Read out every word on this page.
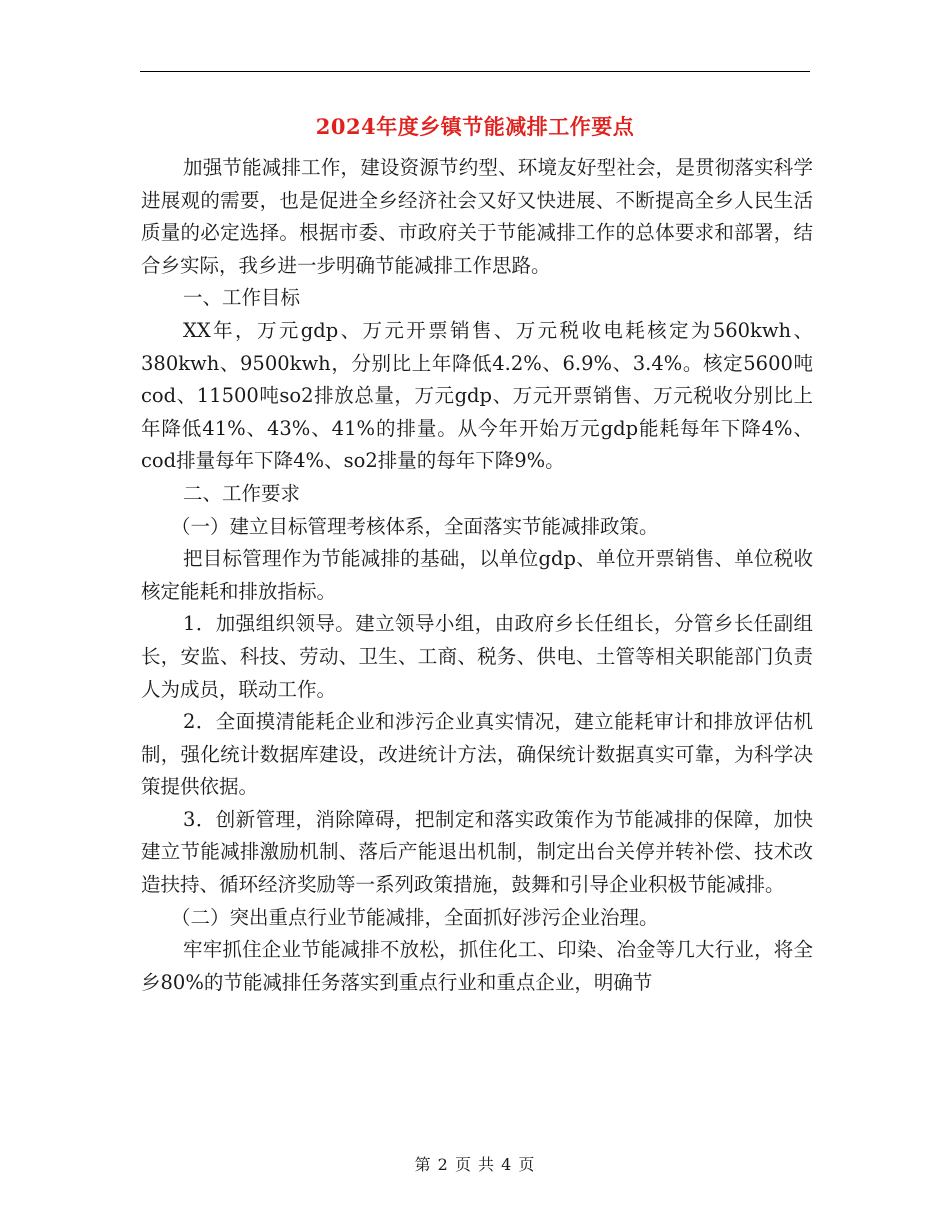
2024年度乡镇节能减排工作要点

加强节能减排工作，建设资源节约型、环境友好型社会，是贯彻落实科学进展观的需要，也是促进全乡经济社会又好又快进展、不断提高全乡人民生活质量的必定选择。根据市委、市政府关于节能减排工作的总体要求和部署，结合乡实际，我乡进一步明确节能减排工作思路。

一、工作目标

XX年，万元gdp、万元开票销售、万元税收电耗核定为560kwh、380kwh、9500kwh，分别比上年降低4.2%、6.9%、3.4%。核定5600吨cod、11500吨so2排放总量，万元gdp、万元开票销售、万元税收分别比上年降低41%、43%、41%的排量。从今年开始万元gdp能耗每年下降4%、cod排量每年下降4%、so2排量的每年下降9%。

二、工作要求

（一）建立目标管理考核体系，全面落实节能减排政策。

把目标管理作为节能减排的基础，以单位gdp、单位开票销售、单位税收核定能耗和排放指标。

1．加强组织领导。建立领导小组，由政府乡长任组长，分管乡长任副组长，安监、科技、劳动、卫生、工商、税务、供电、土管等相关职能部门负责人为成员，联动工作。

2．全面摸清能耗企业和涉污企业真实情况，建立能耗审计和排放评估机制，强化统计数据库建设，改进统计方法，确保统计数据真实可靠，为科学决策提供依据。

3．创新管理，消除障碍，把制定和落实政策作为节能减排的保障，加快建立节能减排激励机制、落后产能退出机制，制定出台关停并转补偿、技术改造扶持、循环经济奖励等一系列政策措施，鼓舞和引导企业积极节能减排。

（二）突出重点行业节能减排，全面抓好涉污企业治理。

牢牢抓住企业节能减排不放松，抓住化工、印染、冶金等几大行业，将全乡80%的节能减排任务落实到重点行业和重点企业，明确节

第 2 页 共 4 页
